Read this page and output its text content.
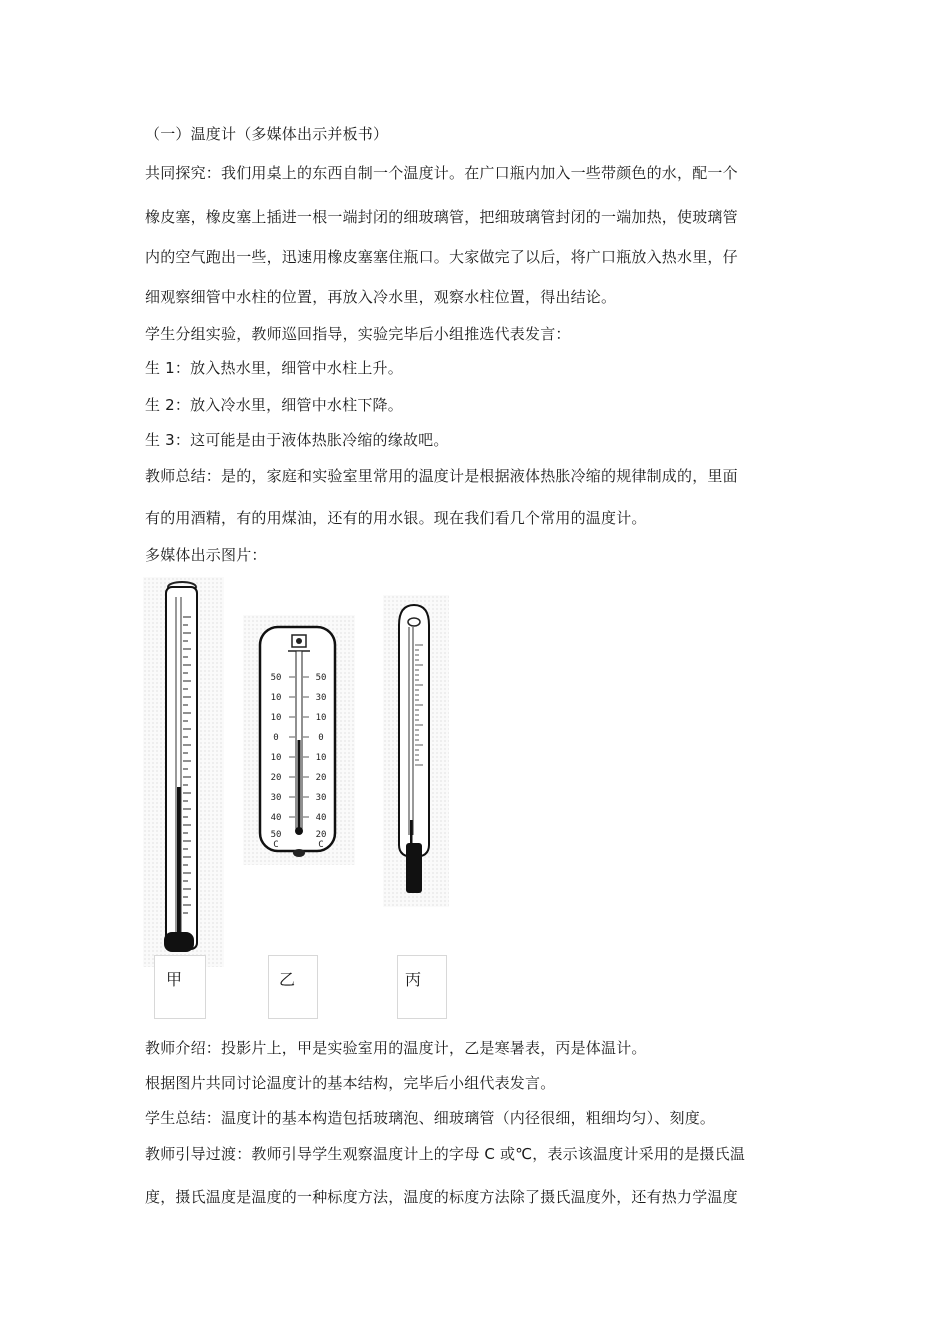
（一）温度计（多媒体出示并板书）
共同探究：我们用桌上的东西自制一个温度计。在广口瓶内加入一些带颜色的水，配一个
橡皮塞，橡皮塞上插进一根一端封闭的细玻璃管，把细玻璃管封闭的一端加热，使玻璃管
内的空气跑出一些，迅速用橡皮塞塞住瓶口。大家做完了以后，将广口瓶放入热水里，仔
细观察细管中水柱的位置，再放入冷水里，观察水柱位置，得出结论。
学生分组实验，教师巡回指导，实验完毕后小组推选代表发言：
生 1：放入热水里，细管中水柱上升。
生 2：放入冷水里，细管中水柱下降。
生 3：这可能是由于液体热胀冷缩的缘故吧。
教师总结：是的，家庭和实验室里常用的温度计是根据液体热胀冷缩的规律制成的，里面
有的用酒精，有的用煤油，还有的用水银。现在我们看几个常用的温度计。
多媒体出示图片：
50
10
10
0
10
20
30
40
50
50
30
10
0
10
20
30
40
20
C	C
甲	乙	丙
教师介绍：投影片上，甲是实验室用的温度计，乙是寒暑表，丙是体温计。
根据图片共同讨论温度计的基本结构，完毕后小组代表发言。
学生总结：温度计的基本构造包括玻璃泡、细玻璃管（内径很细，粗细均匀）、刻度。
教师引导过渡：教师引导学生观察温度计上的字母 C 或℃，表示该温度计采用的是摄氏温
度，摄氏温度是温度的一种标度方法，温度的标度方法除了摄氏温度外，还有热力学温度
